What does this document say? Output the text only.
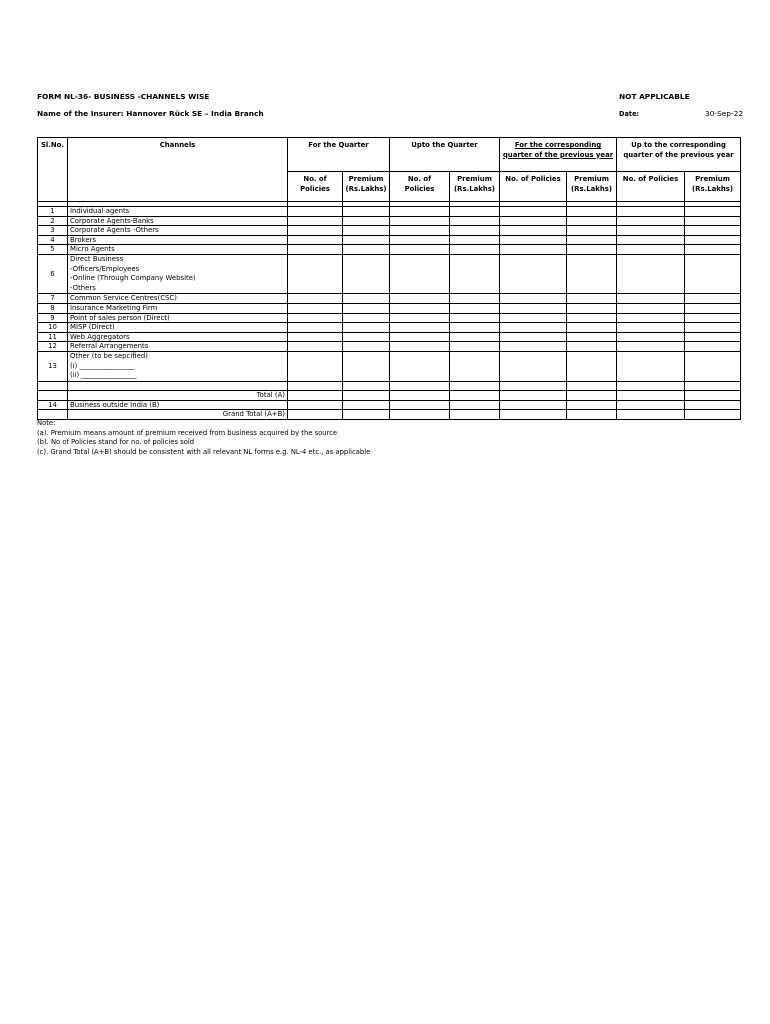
FORM NL-36- BUSINESS -CHANNELS WISE	NOT APPLICABLE
Name of the Insurer: Hannover Rück SE – India Branch	Date:	30-Sep-22
Sl.No.	Channels	For the Quarter		Upto the Quarter		For the corresponding quarter of the previous year		Up to the corresponding quarter of the previous year	
		No. of Policies	Premium (Rs.Lakhs)	No. of Policies	Premium (Rs.Lakhs)	No. of Policies	Premium (Rs.Lakhs)	No. of Policies	Premium (Rs.Lakhs)

1	Individual agents								
2	Corporate Agents-Banks								
3	Corporate Agents -Others								
4	Brokers								
5	Micro Agents								
6	Direct Business
-Officers/Employees
-Online (Through Company Website)
-Others								

7	Common Service Centres(CSC)								
8	Insurance Marketing Firm								
9	Point of sales person (Direct)								
10	MISP (Direct)								
11	Web Aggregators								
12	Referral Arrangements								
13	Other (to be sepcified)
(i) ________________
(ii) ________________								

	Total (A)								
14	Business outside India (B)								
	Grand Total (A+B)								
Note:
(a). Premium means amount of premium received from business acquired by the source
(b). No of Policies stand for no. of policies sold
(c). Grand Total (A+B) should be consistent with all relevant NL forms e.g. NL-4 etc., as applicable
